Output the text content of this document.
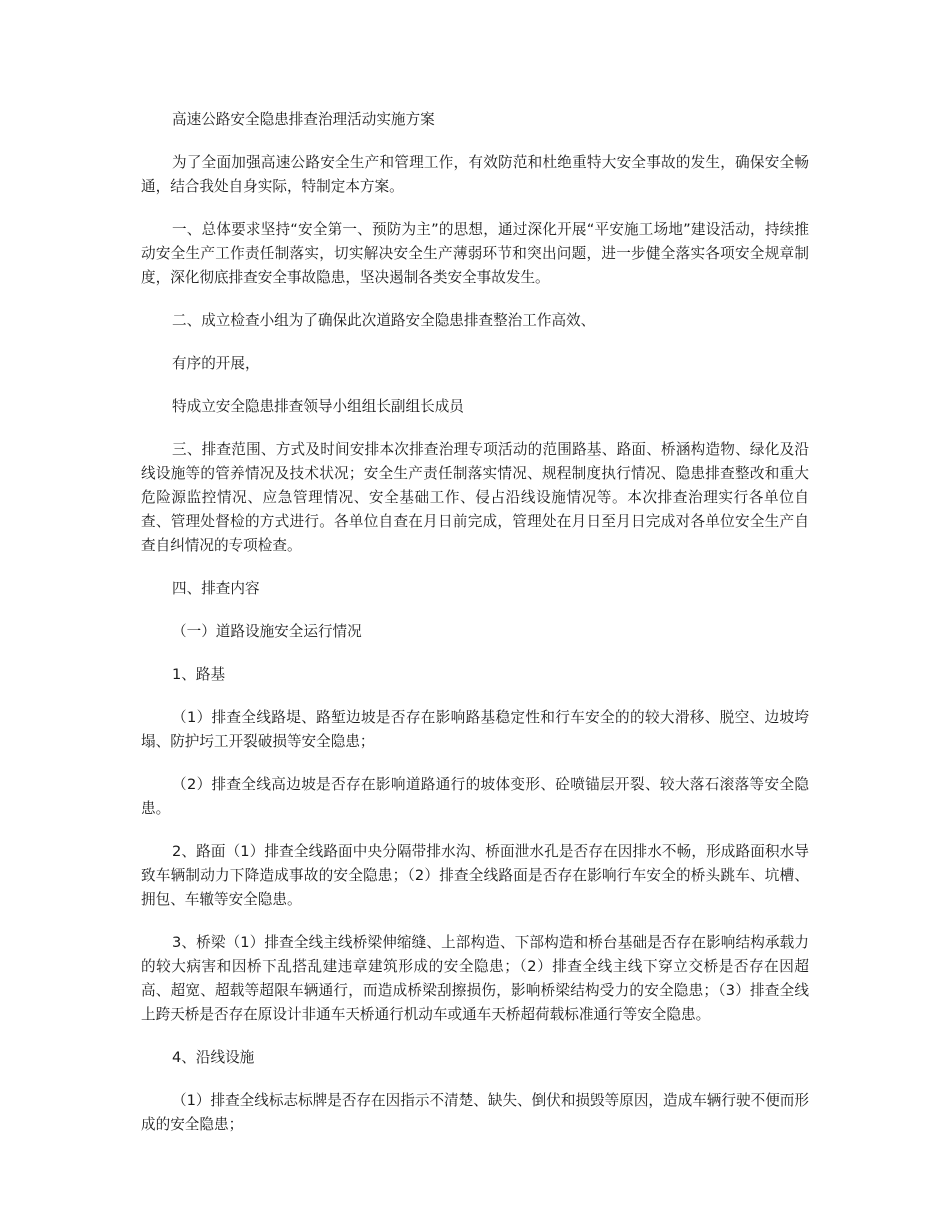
高速公路安全隐患排查治理活动实施方案

为了全面加强高速公路安全生产和管理工作，有效防范和杜绝重特大安全事故的发生，确保安全畅通，结合我处自身实际，特制定本方案。

一、总体要求坚持“安全第一、预防为主”的思想，通过深化开展“平安施工场地”建设活动，持续推动安全生产工作责任制落实，切实解决安全生产薄弱环节和突出问题，进一步健全落实各项安全规章制度，深化彻底排查安全事故隐患，坚决遏制各类安全事故发生。

二、成立检查小组为了确保此次道路安全隐患排查整治工作高效、

有序的开展，

特成立安全隐患排查领导小组组长副组长成员

三、排查范围、方式及时间安排本次排查治理专项活动的范围路基、路面、桥涵构造物、绿化及沿线设施等的管养情况及技术状况；安全生产责任制落实情况、规程制度执行情况、隐患排查整改和重大危险源监控情况、应急管理情况、安全基础工作、侵占沿线设施情况等。本次排查治理实行各单位自查、管理处督检的方式进行。各单位自查在月日前完成，管理处在月日至月日完成对各单位安全生产自查自纠情况的专项检查。

四、排查内容

（一）道路设施安全运行情况

1、路基

（1）排查全线路堤、路堑边坡是否存在影响路基稳定性和行车安全的的较大滑移、脱空、边坡垮塌、防护圬工开裂破损等安全隐患；

（2）排查全线高边坡是否存在影响道路通行的坡体变形、砼喷锚层开裂、较大落石滚落等安全隐患。

2、路面（1）排查全线路面中央分隔带排水沟、桥面泄水孔是否存在因排水不畅，形成路面积水导致车辆制动力下降造成事故的安全隐患；（2）排查全线路面是否存在影响行车安全的桥头跳车、坑槽、拥包、车辙等安全隐患。

3、桥梁（1）排查全线主线桥梁伸缩缝、上部构造、下部构造和桥台基础是否存在影响结构承载力的较大病害和因桥下乱搭乱建违章建筑形成的安全隐患；（2）排查全线主线下穿立交桥是否存在因超高、超宽、超载等超限车辆通行，而造成桥梁刮擦损伤，影响桥梁结构受力的安全隐患；（3）排查全线上跨天桥是否存在原设计非通车天桥通行机动车或通车天桥超荷载标准通行等安全隐患。

4、沿线设施

（1）排查全线标志标牌是否存在因指示不清楚、缺失、倒伏和损毁等原因，造成车辆行驶不便而形成的安全隐患；
